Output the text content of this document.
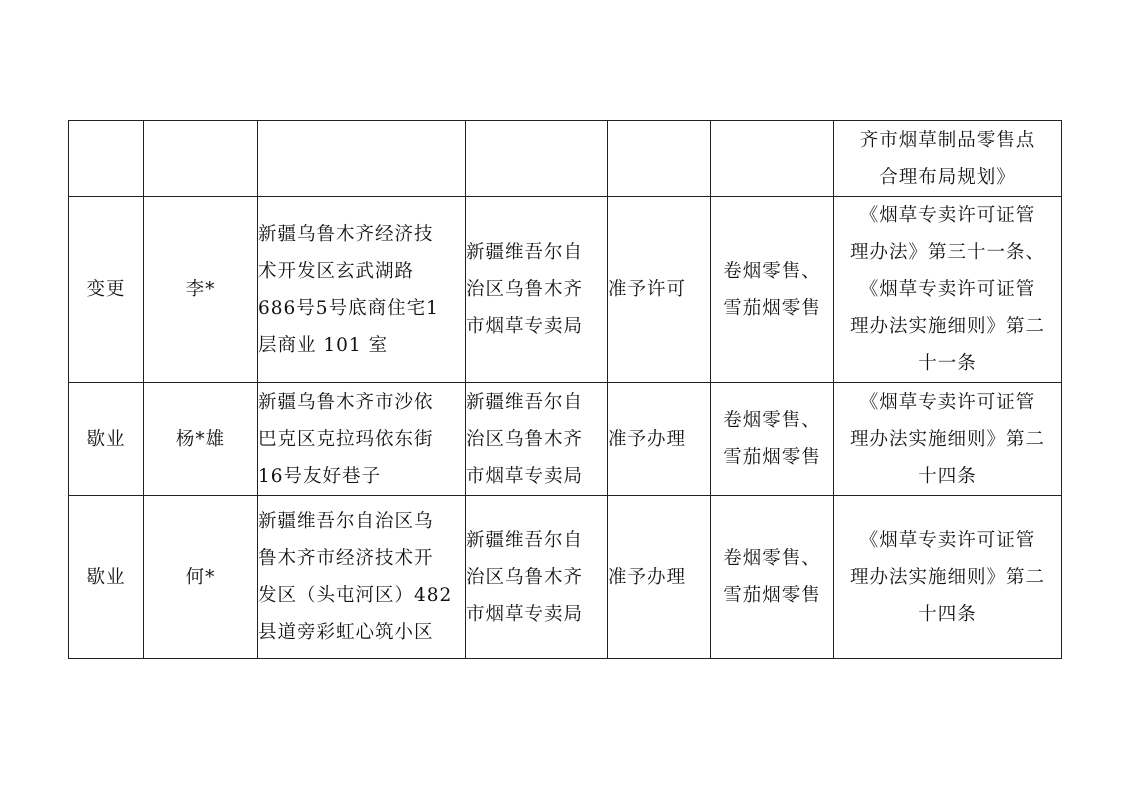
						齐市烟草制品零售点
合理布局规划》

变更	李*	新疆乌鲁木齐经济技
术开发区玄武湖路
686号5号底商住宅1
层商业 101 室	新疆维吾尔自
治区乌鲁木齐
市烟草专卖局	准予许可	卷烟零售、
雪茄烟零售	《烟草专卖许可证管
理办法》第三十一条、
《烟草专卖许可证管
理办法实施细则》第二
十一条

歇业	杨*雄	新疆乌鲁木齐市沙依
巴克区克拉玛依东街
16号友好巷子	新疆维吾尔自
治区乌鲁木齐
市烟草专卖局	准予办理	卷烟零售、
雪茄烟零售	《烟草专卖许可证管
理办法实施细则》第二
十四条

歇业	何*	新疆维吾尔自治区乌
鲁木齐市经济技术开
发区（头屯河区）482
县道旁彩虹心筑小区	新疆维吾尔自
治区乌鲁木齐
市烟草专卖局	准予办理	卷烟零售、
雪茄烟零售	《烟草专卖许可证管
理办法实施细则》第二
十四条
